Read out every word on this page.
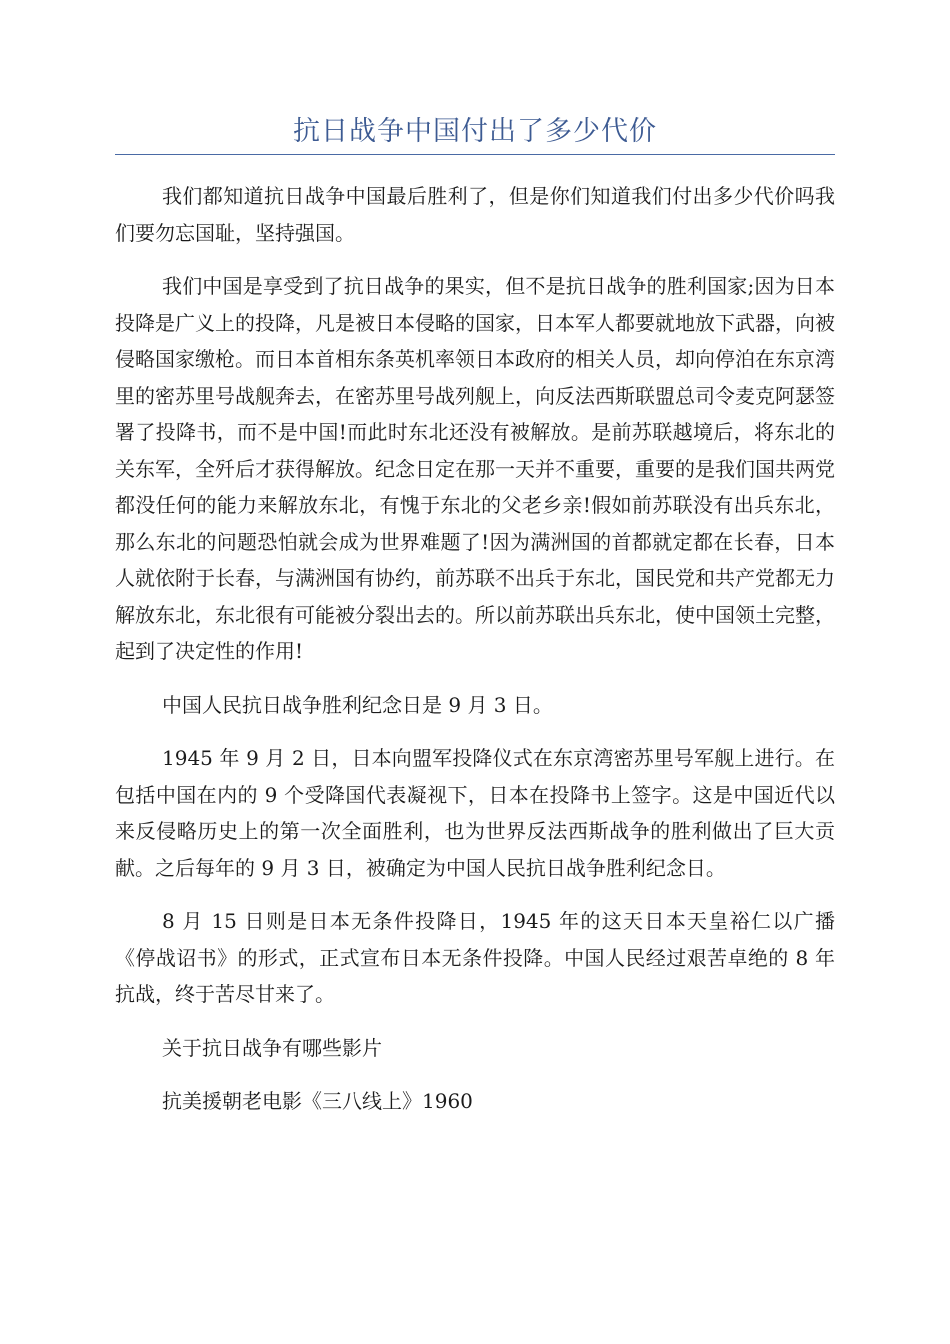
抗日战争中国付出了多少代价

我们都知道抗日战争中国最后胜利了，但是你们知道我们付出多少代价吗我们要勿忘国耻，坚持强国。

我们中国是享受到了抗日战争的果实，但不是抗日战争的胜利国家;因为日本投降是广义上的投降，凡是被日本侵略的国家，日本军人都要就地放下武器，向被侵略国家缴枪。而日本首相东条英机率领日本政府的相关人员，却向停泊在东京湾里的密苏里号战舰奔去，在密苏里号战列舰上，向反法西斯联盟总司令麦克阿瑟签署了投降书，而不是中国!而此时东北还没有被解放。是前苏联越境后，将东北的关东军，全歼后才获得解放。纪念日定在那一天并不重要，重要的是我们国共两党都没任何的能力来解放东北，有愧于东北的父老乡亲!假如前苏联没有出兵东北，那么东北的问题恐怕就会成为世界难题了!因为满洲国的首都就定都在长春，日本人就依附于长春，与满洲国有协约，前苏联不出兵于东北，国民党和共产党都无力解放东北，东北很有可能被分裂出去的。所以前苏联出兵东北，使中国领土完整，起到了决定性的作用!

中国人民抗日战争胜利纪念日是 9 月 3 日。

1945 年 9 月 2 日，日本向盟军投降仪式在东京湾密苏里号军舰上进行。在包括中国在内的 9 个受降国代表凝视下，日本在投降书上签字。这是中国近代以来反侵略历史上的第一次全面胜利，也为世界反法西斯战争的胜利做出了巨大贡献。之后每年的 9 月 3 日，被确定为中国人民抗日战争胜利纪念日。

8 月 15 日则是日本无条件投降日，1945 年的这天日本天皇裕仁以广播《停战诏书》的形式，正式宣布日本无条件投降。中国人民经过艰苦卓绝的 8 年抗战，终于苦尽甘来了。

关于抗日战争有哪些影片

抗美援朝老电影《三八线上》1960
